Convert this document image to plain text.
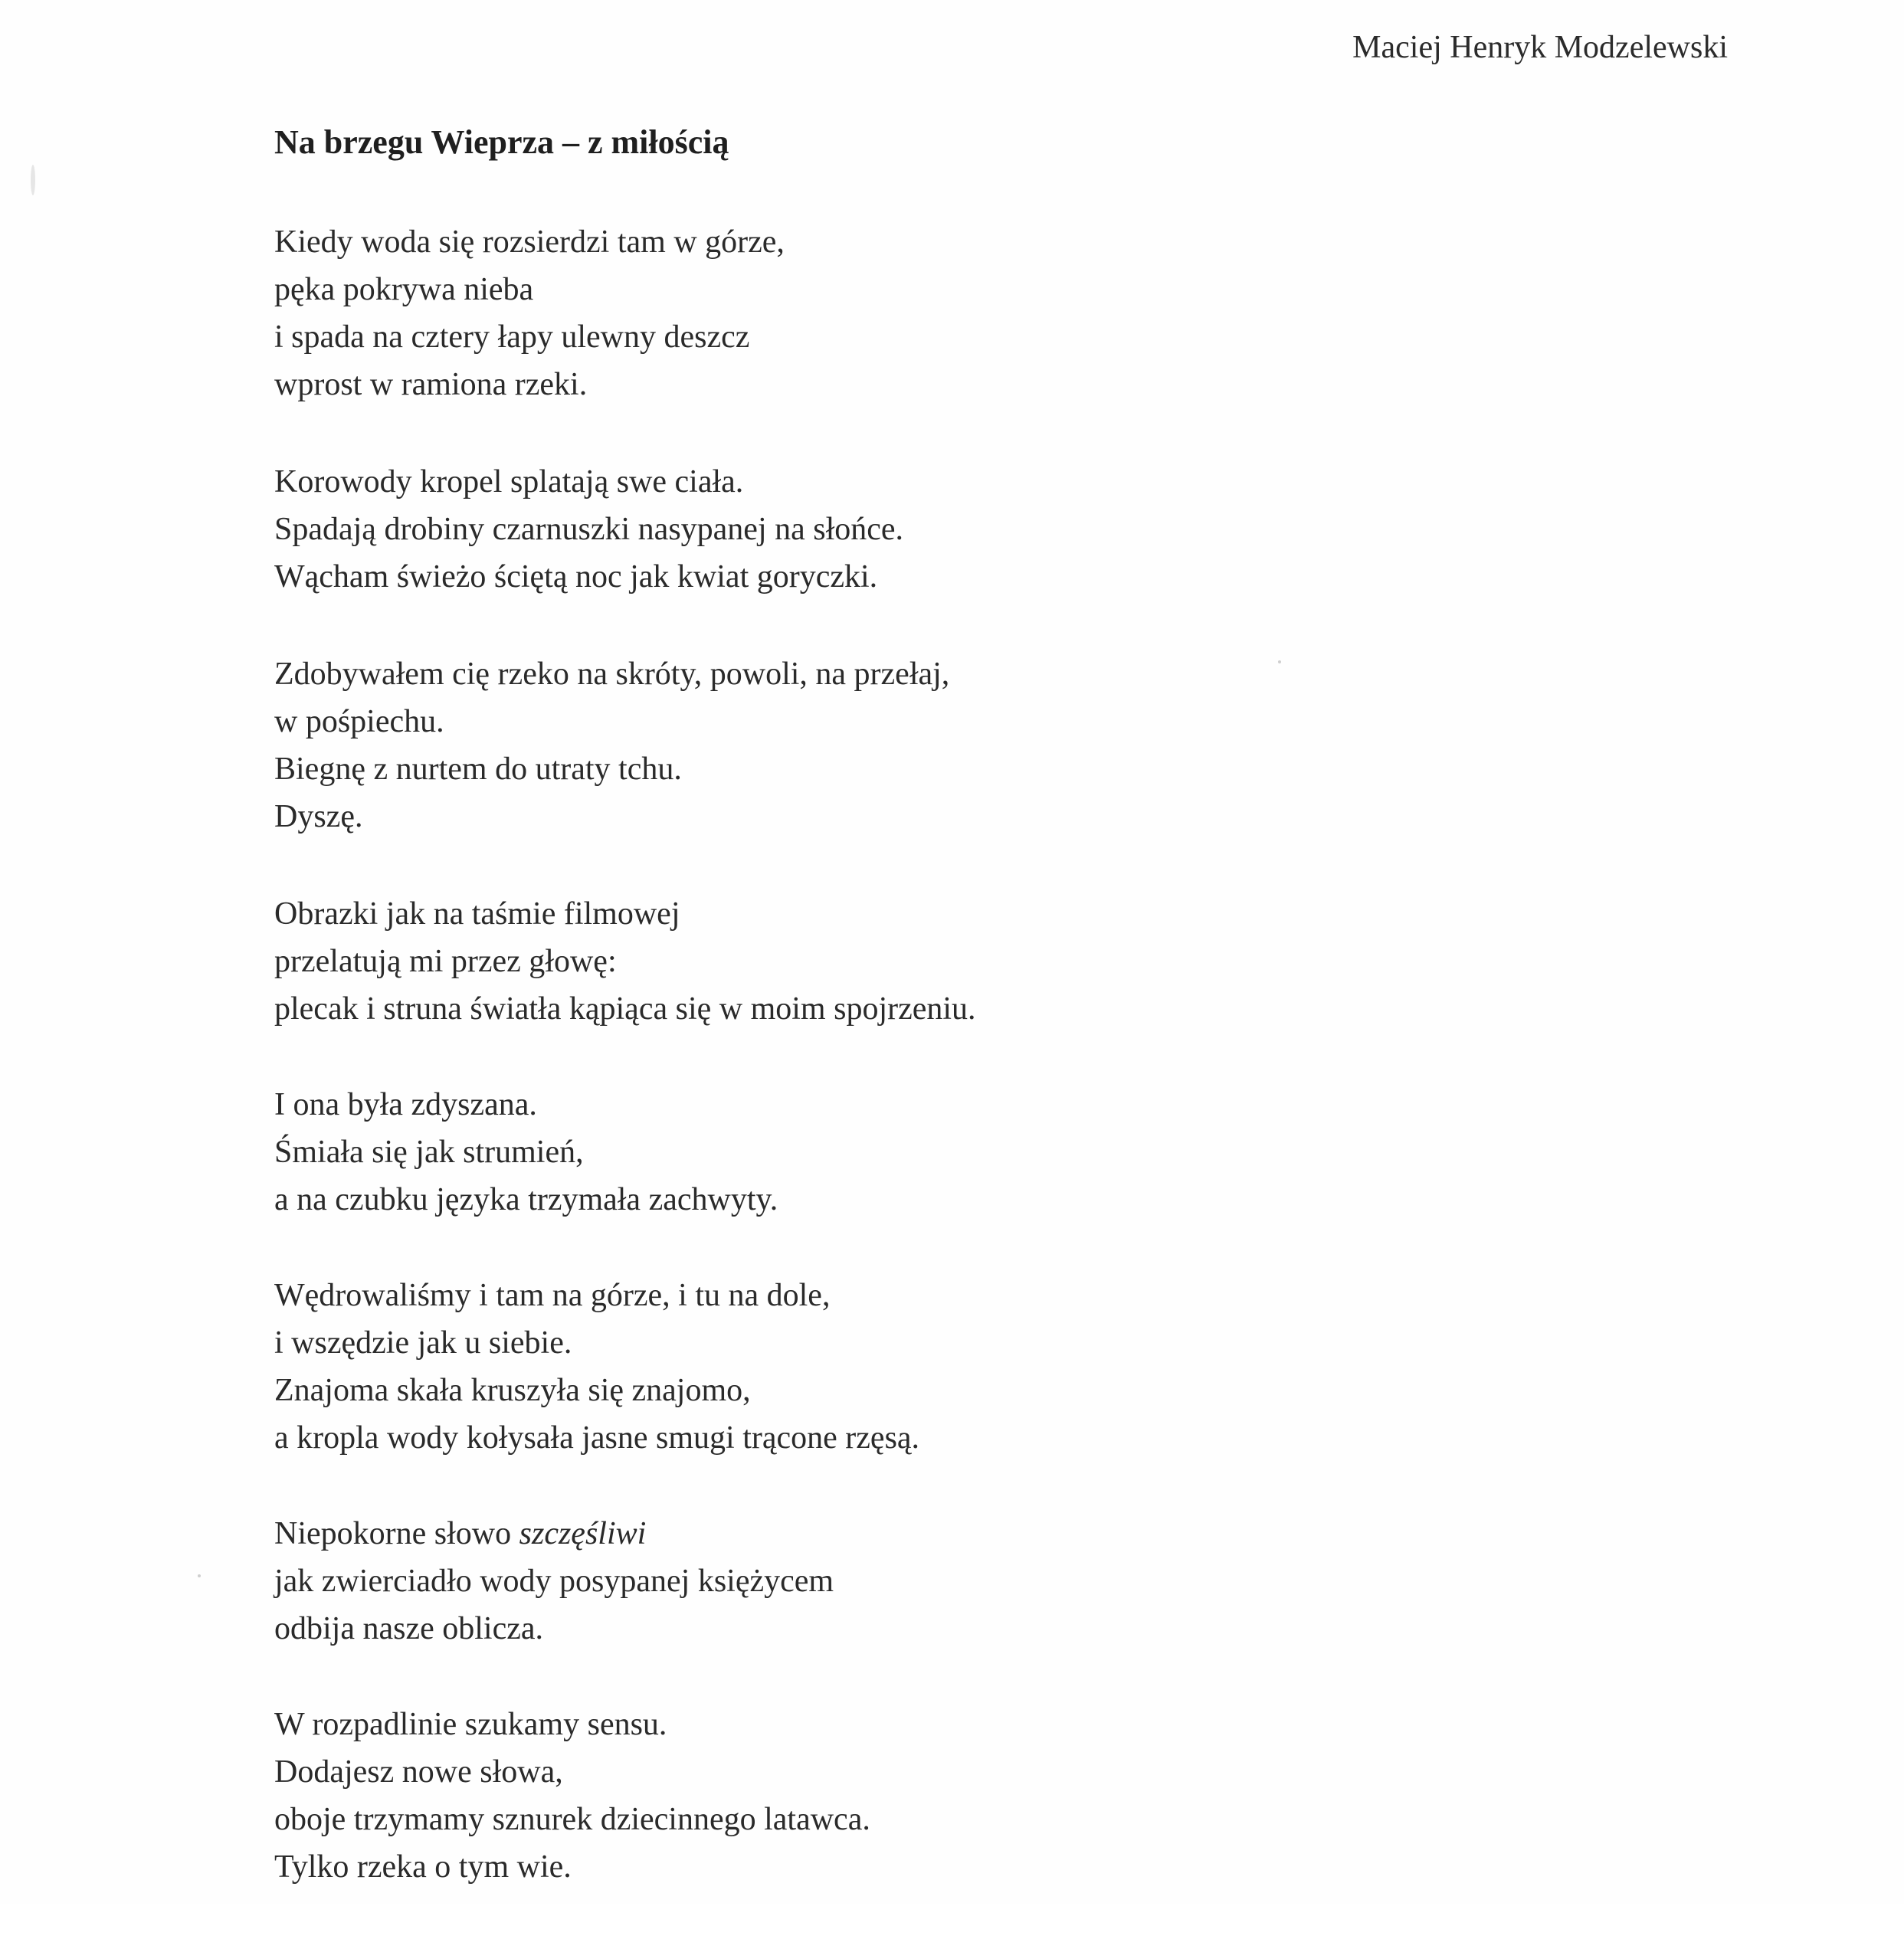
Maciej Henryk Modzelewski
Na brzegu Wieprza – z miłością
Kiedy woda się rozsierdzi tam w górze,
pęka pokrywa nieba
i spada na cztery łapy ulewny deszcz
wprost w ramiona rzeki.
Korowody kropel splatają swe ciała.
Spadają drobiny czarnuszki nasypanej na słońce.
Wącham świeżo ściętą noc jak kwiat goryczki.
Zdobywałem cię rzeko na skróty, powoli, na przełaj,
w pośpiechu.
Biegnę z nurtem do utraty tchu.
Dyszę.
Obrazki jak na taśmie filmowej
przelatują mi przez głowę:
plecak i struna światła kąpiąca się w moim spojrzeniu.
I ona była zdyszana.
Śmiała się jak strumień,
a na czubku języka trzymała zachwyty.
Wędrowaliśmy i tam na górze, i tu na dole,
i wszędzie jak u siebie.
Znajoma skała kruszyła się znajomo,
a kropla wody kołysała jasne smugi trącone rzęsą.
Niepokorne słowo szczęśliwi
jak zwierciadło wody posypanej księżycem
odbija nasze oblicza.
W rozpadlinie szukamy sensu.
Dodajesz nowe słowa,
oboje trzymamy sznurek dziecinnego latawca.
Tylko rzeka o tym wie.
